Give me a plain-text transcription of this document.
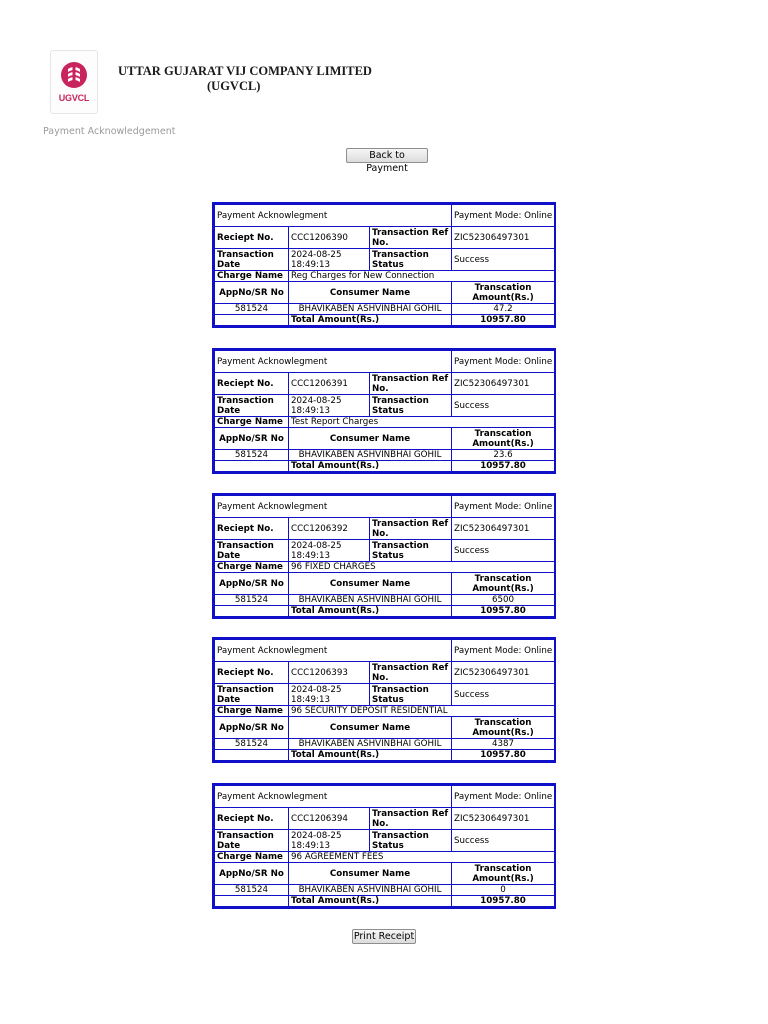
UGVCL
UTTAR GUJARAT VIJ COMPANY LIMITED
(UGVCL)
Payment Acknowledgement
Back to Payment
Payment Acknowlegment			Payment Mode: Online
Reciept No.	CCC1206390	Transaction Ref No.	ZIC52306497301
Transaction Date	2024-08-25 18:49:13	Transaction Status	Success
Charge Name	Reg Charges for New Connection		
AppNo/SR No	Consumer Name		Transcation Amount(Rs.)
581524	BHAVIKABEN ASHVINBHAI GOHIL		47.2
	Total Amount(Rs.)		10957.80
Payment Acknowlegment			Payment Mode: Online
Reciept No.	CCC1206391	Transaction Ref No.	ZIC52306497301
Transaction Date	2024-08-25 18:49:13	Transaction Status	Success
Charge Name	Test Report Charges		
AppNo/SR No	Consumer Name		Transcation Amount(Rs.)
581524	BHAVIKABEN ASHVINBHAI GOHIL		23.6
	Total Amount(Rs.)		10957.80
Payment Acknowlegment			Payment Mode: Online
Reciept No.	CCC1206392	Transaction Ref No.	ZIC52306497301
Transaction Date	2024-08-25 18:49:13	Transaction Status	Success
Charge Name	96 FIXED CHARGES		
AppNo/SR No	Consumer Name		Transcation Amount(Rs.)
581524	BHAVIKABEN ASHVINBHAI GOHIL		6500
	Total Amount(Rs.)		10957.80
Payment Acknowlegment			Payment Mode: Online
Reciept No.	CCC1206393	Transaction Ref No.	ZIC52306497301
Transaction Date	2024-08-25 18:49:13	Transaction Status	Success
Charge Name	96 SECURITY DEPOSIT RESIDENTIAL		
AppNo/SR No	Consumer Name		Transcation Amount(Rs.)
581524	BHAVIKABEN ASHVINBHAI GOHIL		4387
	Total Amount(Rs.)		10957.80
Payment Acknowlegment			Payment Mode: Online
Reciept No.	CCC1206394	Transaction Ref No.	ZIC52306497301
Transaction Date	2024-08-25 18:49:13	Transaction Status	Success
Charge Name	96 AGREEMENT FEES		
AppNo/SR No	Consumer Name		Transcation Amount(Rs.)
581524	BHAVIKABEN ASHVINBHAI GOHIL		0
	Total Amount(Rs.)		10957.80
Print Receipt
